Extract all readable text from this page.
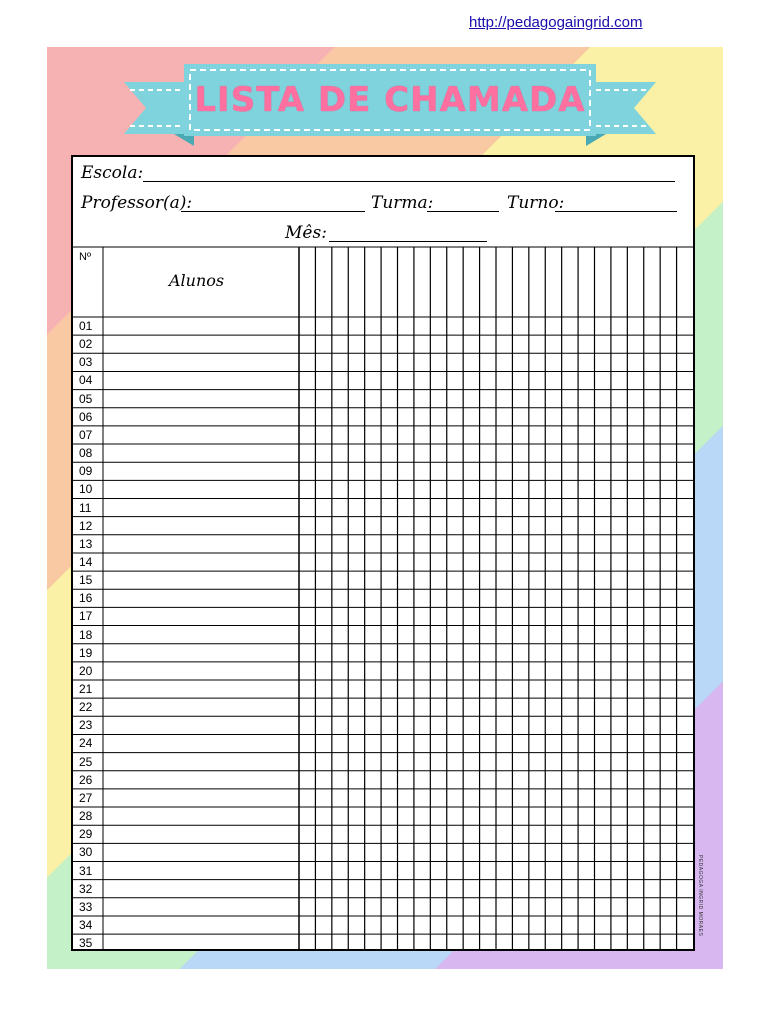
http://pedagogaingrid.com
LISTA DE CHAMADA
Escola:
Professor(a):	Turma:	Turno:
Mês:
Nº
Alunos
01
02
03
04
05
06
07
08
09
10
11
12
13
14
15
16
17
18
19
20
21
22
23
24
25
26
27
28
29
30
31
32
33
34
35
PEDAGOGA INGRID MORAES
